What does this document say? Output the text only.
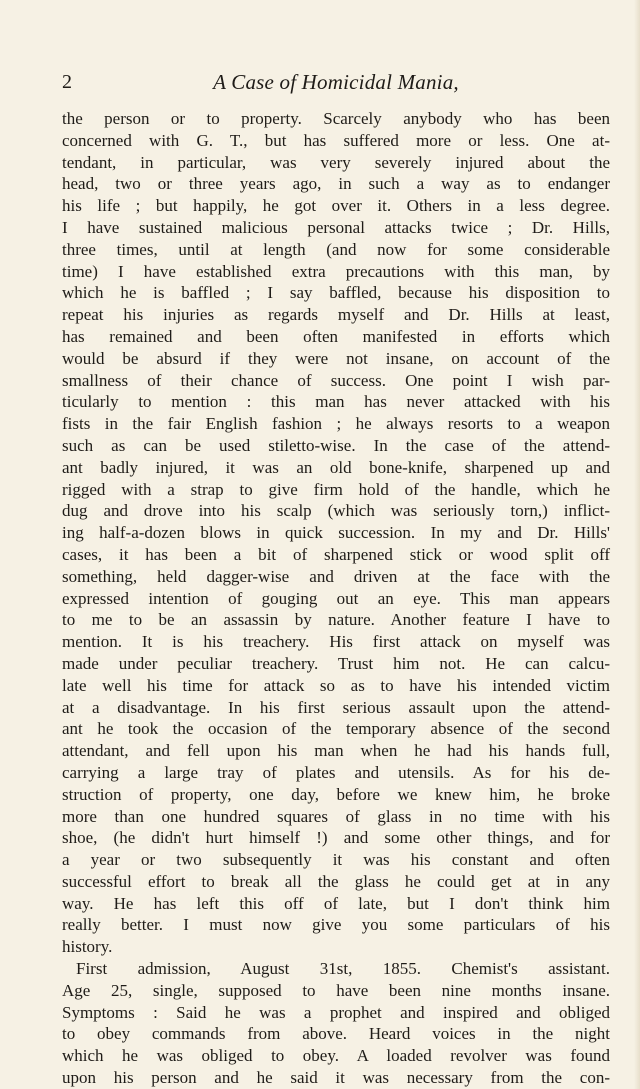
2	A Case of Homicidal Mania,
the person or to property. Scarcely anybody who has been
concerned with G. T., but has suffered more or less. One at-
tendant, in particular, was very severely injured about the
head, two or three years ago, in such a way as to endanger
his life ; but happily, he got over it. Others in a less degree.
I have sustained malicious personal attacks twice ; Dr. Hills,
three times, until at length (and now for some considerable
time) I have established extra precautions with this man, by
which he is baffled ; I say baffled, because his disposition to
repeat his injuries as regards myself and Dr. Hills at least,
has remained and been often manifested in efforts which
would be absurd if they were not insane, on account of the
smallness of their chance of success. One point I wish par-
ticularly to mention : this man has never attacked with his
fists in the fair English fashion ; he always resorts to a weapon
such as can be used stiletto-wise. In the case of the attend-
ant badly injured, it was an old bone-knife, sharpened up and
rigged with a strap to give firm hold of the handle, which he
dug and drove into his scalp (which was seriously torn,) inflict-
ing half-a-dozen blows in quick succession. In my and Dr. Hills'
cases, it has been a bit of sharpened stick or wood split off
something, held dagger-wise and driven at the face with the
expressed intention of gouging out an eye. This man appears
to me to be an assassin by nature. Another feature I have to
mention. It is his treachery. His first attack on myself was
made under peculiar treachery. Trust him not. He can calcu-
late well his time for attack so as to have his intended victim
at a disadvantage. In his first serious assault upon the attend-
ant he took the occasion of the temporary absence of the second
attendant, and fell upon his man when he had his hands full,
carrying a large tray of plates and utensils. As for his de-
struction of property, one day, before we knew him, he broke
more than one hundred squares of glass in no time with his
shoe, (he didn't hurt himself !) and some other things, and for
a year or two subsequently it was his constant and often
successful effort to break all the glass he could get at in any
way. He has left this off of late, but I don't think him
really better. I must now give you some particulars of his
history.
First admission, August 31st, 1855. Chemist's assistant.
Age 25, single, supposed to have been nine months insane.
Symptoms : Said he was a prophet and inspired and obliged
to obey commands from above. Heard voices in the night
which he was obliged to obey. A loaded revolver was found
upon his person and he said it was necessary from the con-
